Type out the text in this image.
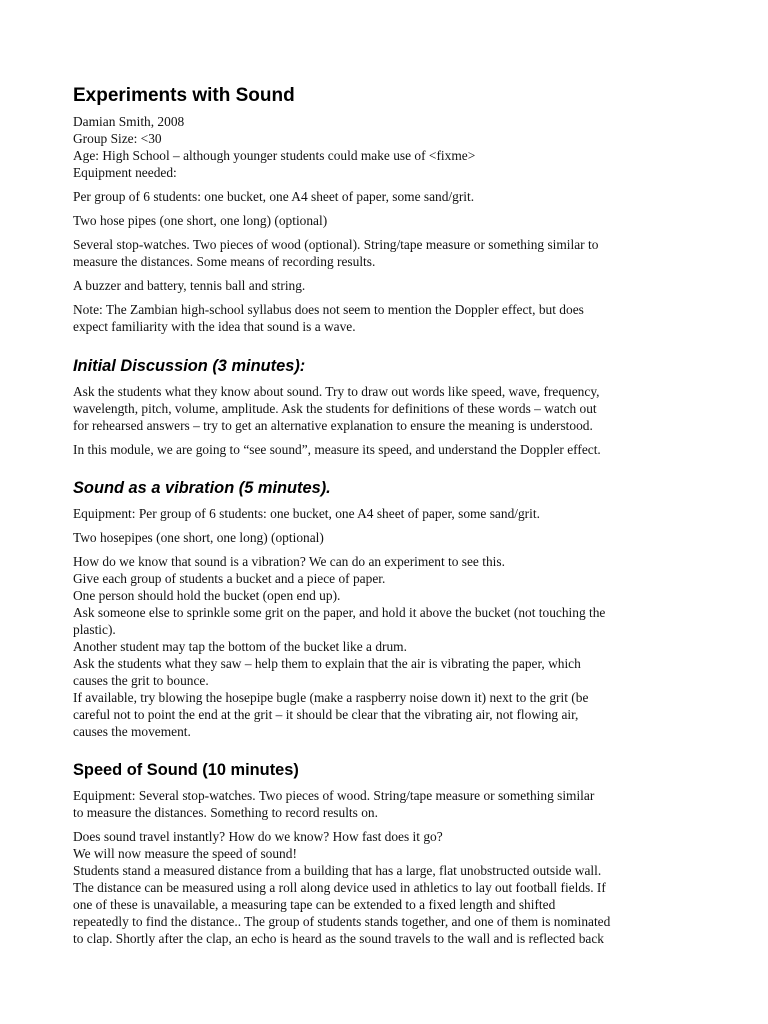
Experiments with Sound
Damian Smith, 2008
Group Size: <30
Age: High School – although younger students could make use of <fixme>
Equipment needed:
Per group of 6 students: one bucket, one A4 sheet of paper, some sand/grit.
Two hose pipes (one short, one long) (optional)
Several stop-watches. Two pieces of wood (optional). String/tape measure or something similar to
measure the distances. Some means of recording results.
A buzzer and battery, tennis ball and string.
Note: The Zambian high-school syllabus does not seem to mention the Doppler effect, but does
expect familiarity with the idea that sound is a wave.
Initial Discussion (3 minutes):
Ask the students what they know about sound. Try to draw out words like speed, wave, frequency,
wavelength, pitch, volume, amplitude. Ask the students for definitions of these words – watch out
for rehearsed answers – try to get an alternative explanation to ensure the meaning is understood.
In this module, we are going to “see sound”, measure its speed, and understand the Doppler effect.
Sound as a vibration (5 minutes).
Equipment: Per group of 6 students: one bucket, one A4 sheet of paper, some sand/grit.
Two hosepipes (one short, one long) (optional)
How do we know that sound is a vibration? We can do an experiment to see this.
Give each group of students a bucket and a piece of paper.
One person should hold the bucket (open end up).
Ask someone else to sprinkle some grit on the paper, and hold it above the bucket (not touching the
plastic).
Another student may tap the bottom of the bucket like a drum.
Ask the students what they saw – help them to explain that the air is vibrating the paper, which
causes the grit to bounce.
If available, try blowing the hosepipe bugle (make a raspberry noise down it) next to the grit (be
careful not to point the end at the grit – it should be clear that the vibrating air, not flowing air,
causes the movement.
Speed of Sound (10 minutes)
Equipment: Several stop-watches. Two pieces of wood. String/tape measure or something similar
to measure the distances. Something to record results on.
Does sound travel instantly? How do we know? How fast does it go?
We will now measure the speed of sound!
Students stand a measured distance from a building that has a large, flat unobstructed outside wall.
The distance can be measured using a roll along device used in athletics to lay out football fields. If
one of these is unavailable, a measuring tape can be extended to a fixed length and shifted
repeatedly to find the distance.. The group of students stands together, and one of them is nominated
to clap. Shortly after the clap, an echo is heard as the sound travels to the wall and is reflected back
